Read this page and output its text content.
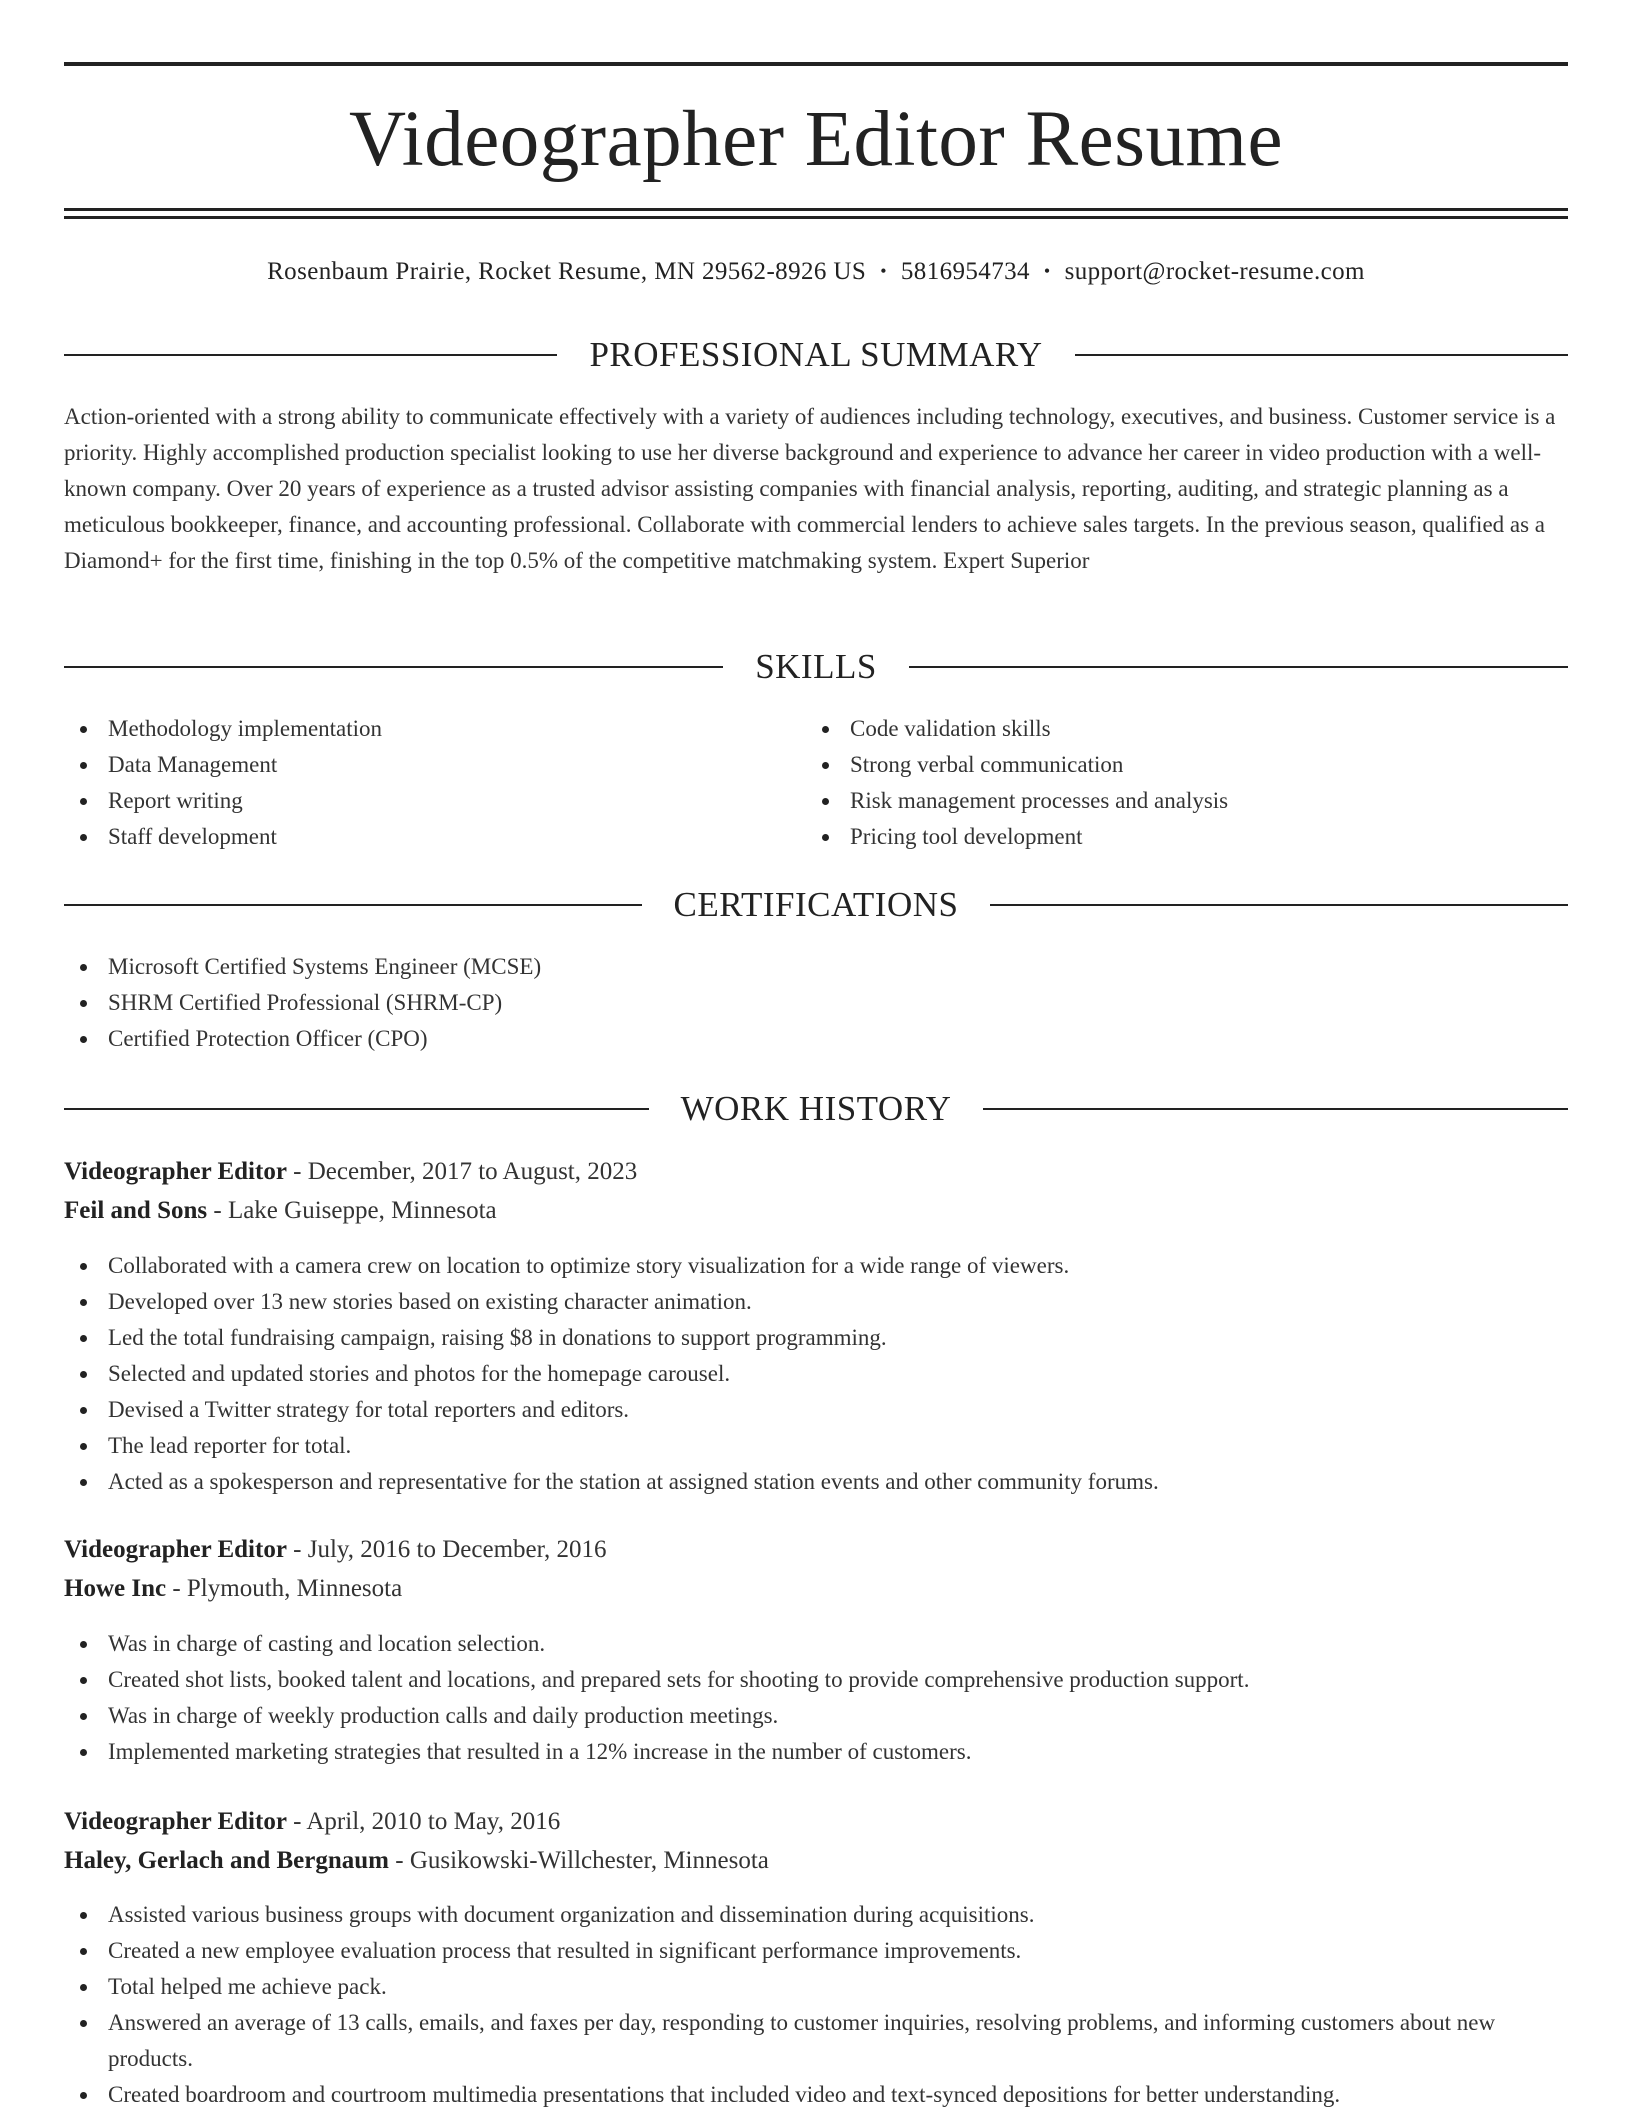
Videographer Editor Resume
Rosenbaum Prairie, Rocket Resume, MN 29562-8926 US • 5816954734 • support@rocket-resume.com
PROFESSIONAL SUMMARY

Action-oriented with a strong ability to communicate effectively with a variety of audiences including technology, executives, and business. Customer service is a priority. Highly accomplished production specialist looking to use her diverse background and experience to advance her career in video production with a well-known company. Over 20 years of experience as a trusted advisor assisting companies with financial analysis, reporting, auditing, and strategic planning as a meticulous bookkeeper, finance, and accounting professional. Collaborate with commercial lenders to achieve sales targets. In the previous season, qualified as a Diamond+ for the first time, finishing in the top 0.5% of the competitive matchmaking system. Expert Superior

SKILLS
Methodology implementation
Data Management
Report writing
Staff development
Code validation skills
Strong verbal communication
Risk management processes and analysis
Pricing tool development
CERTIFICATIONS
Microsoft Certified Systems Engineer (MCSE)
SHRM Certified Professional (SHRM-CP)
Certified Protection Officer (CPO)
WORK HISTORY
Videographer Editor - December, 2017 to August, 2023
Feil and Sons - Lake Guiseppe, Minnesota
Collaborated with a camera crew on location to optimize story visualization for a wide range of viewers.
Developed over 13 new stories based on existing character animation.
Led the total fundraising campaign, raising $8 in donations to support programming.
Selected and updated stories and photos for the homepage carousel.
Devised a Twitter strategy for total reporters and editors.
The lead reporter for total.
Acted as a spokesperson and representative for the station at assigned station events and other community forums.
Videographer Editor - July, 2016 to December, 2016
Howe Inc - Plymouth, Minnesota
Was in charge of casting and location selection.
Created shot lists, booked talent and locations, and prepared sets for shooting to provide comprehensive production support.
Was in charge of weekly production calls and daily production meetings.
Implemented marketing strategies that resulted in a 12% increase in the number of customers.
Videographer Editor - April, 2010 to May, 2016
Haley, Gerlach and Bergnaum - Gusikowski-Willchester, Minnesota
Assisted various business groups with document organization and dissemination during acquisitions.
Created a new employee evaluation process that resulted in significant performance improvements.
Total helped me achieve pack.
Answered an average of 13 calls, emails, and faxes per day, responding to customer inquiries, resolving problems, and informing customers about new products.
Created boardroom and courtroom multimedia presentations that included video and text-synced depositions for better understanding.
